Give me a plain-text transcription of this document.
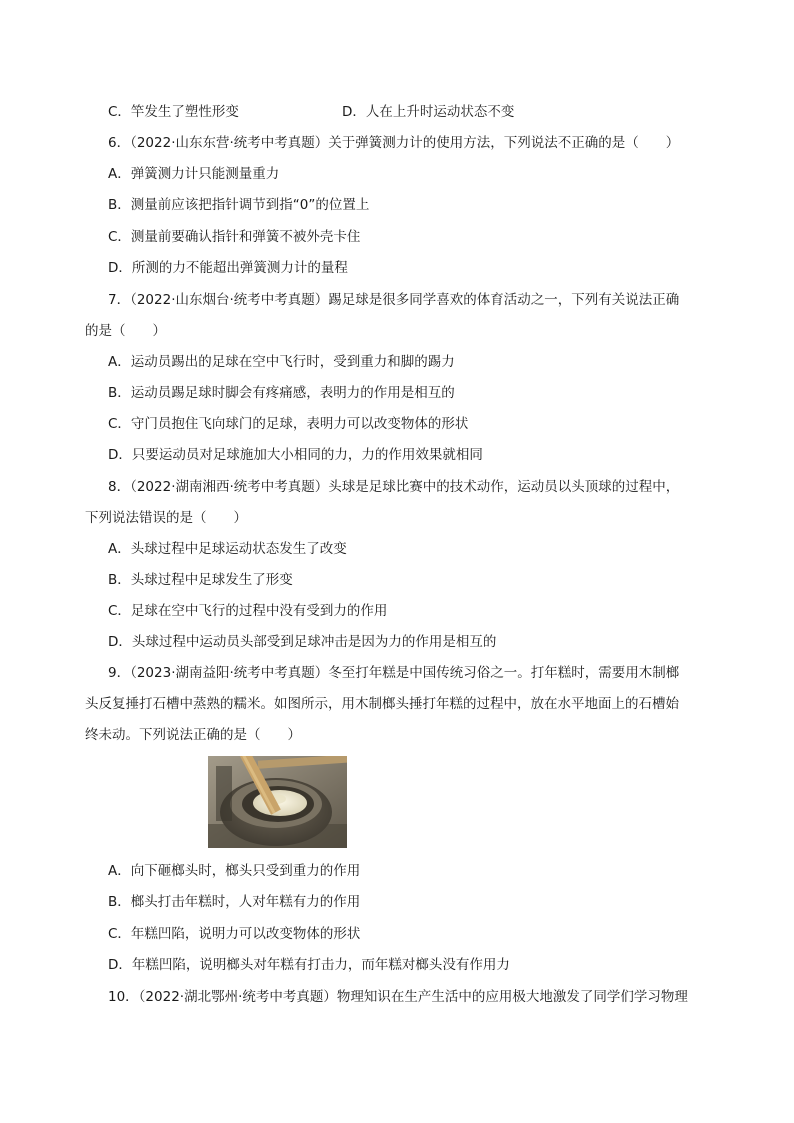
C．竿发生了塑性形变	D．人在上升时运动状态不变
6．（2022·山东东营·统考中考真题）关于弹簧测力计的使用方法，下列说法不正确的是（　　）
A．弹簧测力计只能测量重力
B．测量前应该把指针调节到指“0”的位置上
C．测量前要确认指针和弹簧不被外壳卡住
D．所测的力不能超出弹簧测力计的量程
7．（2022·山东烟台·统考中考真题）踢足球是很多同学喜欢的体育活动之一，下列有关说法正确
的是（　　）
A．运动员踢出的足球在空中飞行时，受到重力和脚的踢力
B．运动员踢足球时脚会有疼痛感，表明力的作用是相互的
C．守门员抱住飞向球门的足球，表明力可以改变物体的形状
D．只要运动员对足球施加大小相同的力，力的作用效果就相同
8．（2022·湖南湘西·统考中考真题）头球是足球比赛中的技术动作，运动员以头顶球的过程中，
下列说法错误的是（　　）
A．头球过程中足球运动状态发生了改变
B．头球过程中足球发生了形变
C．足球在空中飞行的过程中没有受到力的作用
D．头球过程中运动员头部受到足球冲击是因为力的作用是相互的
9．（2023·湖南益阳·统考中考真题）冬至打年糕是中国传统习俗之一。打年糕时，需要用木制榔
头反复捶打石槽中蒸熟的糯米。如图所示，用木制榔头捶打年糕的过程中，放在水平地面上的石槽始
终未动。下列说法正确的是（　　）
A．向下砸榔头时，榔头只受到重力的作用
B．榔头打击年糕时，人对年糕有力的作用
C．年糕凹陷，说明力可以改变物体的形状
D．年糕凹陷，说明榔头对年糕有打击力，而年糕对榔头没有作用力
10．（2022·湖北鄂州·统考中考真题）物理知识在生产生活中的应用极大地激发了同学们学习物理
